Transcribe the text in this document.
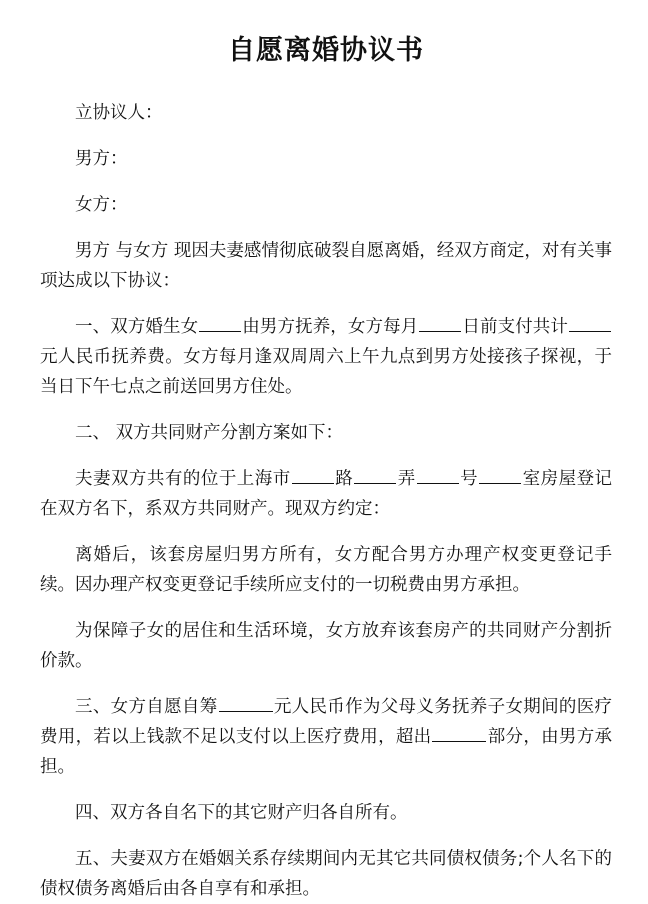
自愿离婚协议书

立协议人：

男方：

女方：

男方 与女方 现因夫妻感情彻底破裂自愿离婚，经双方商定，对有关事项达成以下协议：

一、双方婚生女	由男方抚养，女方每月	日前支付共计元人民币抚养费。女方每月逢双周周六上午九点到男方处接孩子探视，于当日下午七点之前送回男方住处。

二、 双方共同财产分割方案如下：

夫妻双方共有的位于上海市	路	弄	号	室房屋登记在双方名下，系双方共同财产。现双方约定：

离婚后，该套房屋归男方所有，女方配合男方办理产权变更登记手续。因办理产权变更登记手续所应支付的一切税费由男方承担。

为保障子女的居住和生活环境，女方放弃该套房产的共同财产分割折价款。

三、女方自愿自筹	元人民币作为父母义务抚养子女期间的医疗费用，若以上钱款不足以支付以上医疗费用，超出	部分，由男方承担。

四、双方各自名下的其它财产归各自所有。

五、夫妻双方在婚姻关系存续期间内无其它共同债权债务;个人名下的债权债务离婚后由各自享有和承担。
